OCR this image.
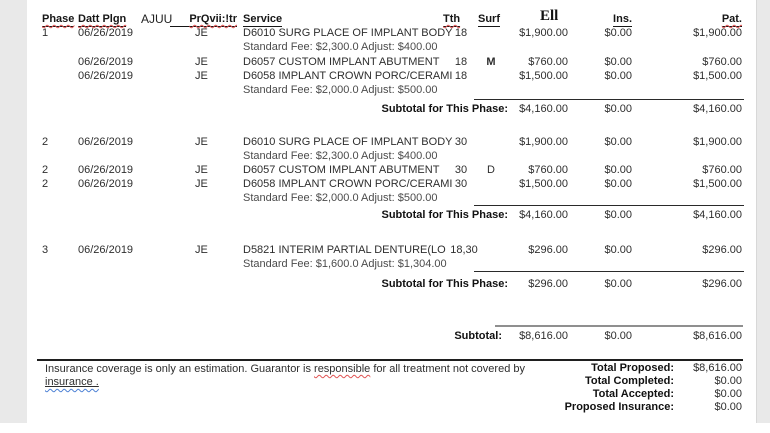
Phase Datt Plgn AJUU	PrQvii:!tr Service	Tth Surf	Ell	Ins.	Pat.
1	06/26/2019	JE	D6010 SURG PLACE OF IMPLANT BODY 18	$1,900.00	$0.00	$1,900.00
Standard Fee: $2,300.0 Adjust: $400.00
06/26/2019	JE	D6057 CUSTOM IMPLANT ABUTMENT	18	M	$760.00	$0.00	$760.00
06/26/2019	JE	D6058 IMPLANT CROWN PORC/CERAMI 18	$1,500.00	$0.00	$1,500.00
Standard Fee: $2,000.0 Adjust: $500.00
Subtotal for This Phase:	$4,160.00	$0.00	$4,160.00
2	06/26/2019	JE	D6010 SURG PLACE OF IMPLANT BODY 30	$1,900.00	$0.00	$1,900.00
Standard Fee: $2,300.0 Adjust: $400.00
2	06/26/2019	JE	D6057 CUSTOM IMPLANT ABUTMENT	30	D	$760.00	$0.00	$760.00
2	06/26/2019	JE	D6058 IMPLANT CROWN PORC/CERAMI 30	$1,500.00	$0.00	$1,500.00
Standard Fee: $2,000.0 Adjust: $500.00
Subtotal for This Phase:	$4,160.00	$0.00	$4,160.00
3	06/26/2019	JE	D5821 INTERIM PARTIAL DENTURE(LO 18,30	$296.00	$0.00	$296.00
Standard Fee: $1,600.0 Adjust: $1,304.00
Subtotal for This Phase:	$296.00	$0.00	$296.00
Subtotal:	$8,616.00	$0.00	$8,616.00
Insurance coverage is only an estimation. Guarantor is responsible for all treatment not covered by
insurance .
Total Proposed:	$8,616.00
Total Completed:	$0.00
Total Accepted:	$0.00
Proposed Insurance:	$0.00
